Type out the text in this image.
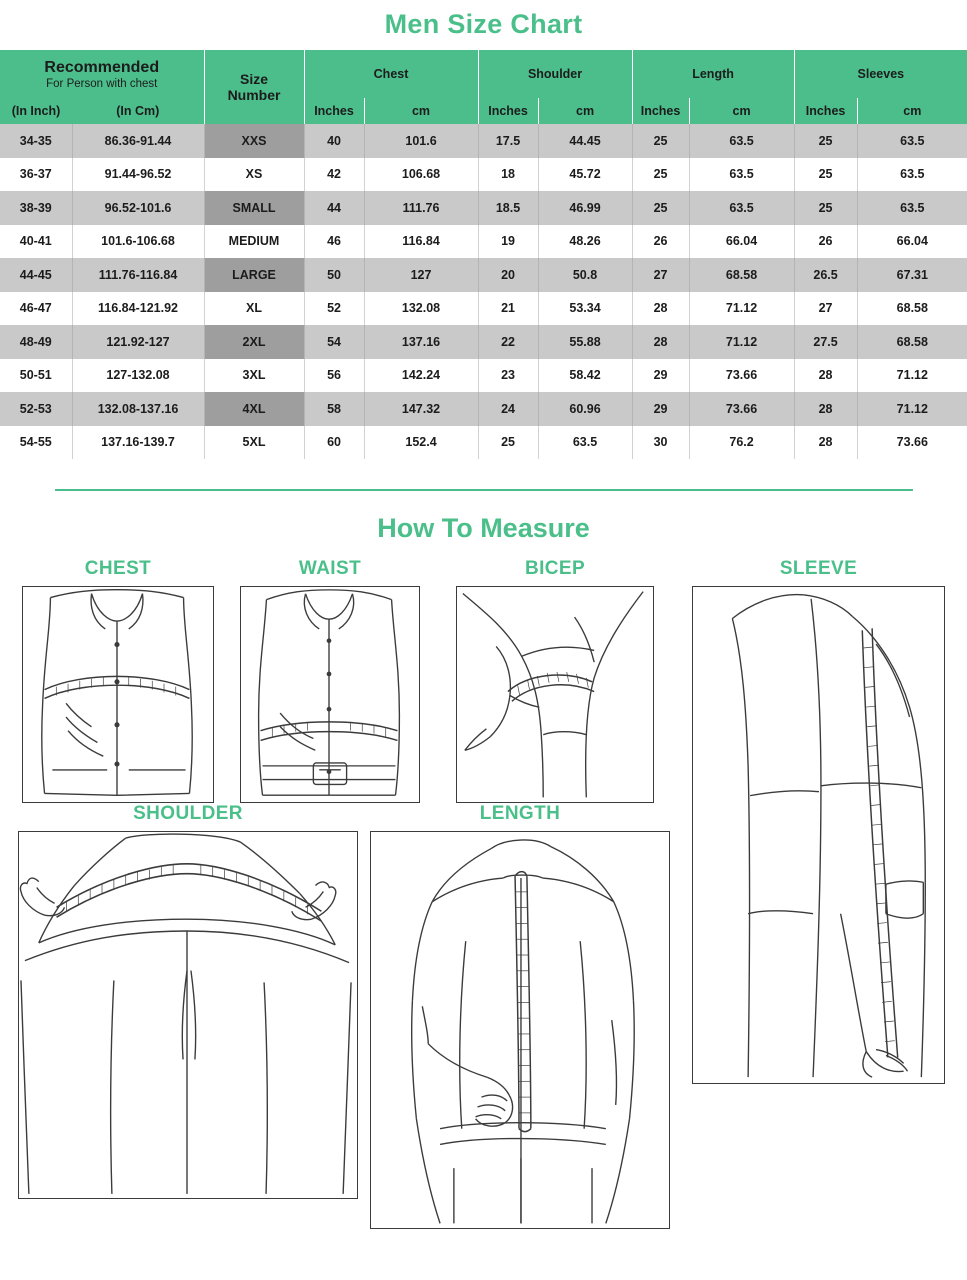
Men Size Chart
Recommended
For Person with chest		Size
Number	Chest		Shoulder		Length		Sleeves	
(In Inch)	(In Cm)		Inches	cm	Inches	cm	Inches	cm	Inches	cm
34-35	86.36-91.44	XXS	40	101.6	17.5	44.45	25	63.5	25	63.5
36-37	91.44-96.52	XS	42	106.68	18	45.72	25	63.5	25	63.5
38-39	96.52-101.6	SMALL	44	111.76	18.5	46.99	25	63.5	25	63.5
40-41	101.6-106.68	MEDIUM	46	116.84	19	48.26	26	66.04	26	66.04
44-45	111.76-116.84	LARGE	50	127	20	50.8	27	68.58	26.5	67.31
46-47	116.84-121.92	XL	52	132.08	21	53.34	28	71.12	27	68.58
48-49	121.92-127	2XL	54	137.16	22	55.88	28	71.12	27.5	68.58
50-51	127-132.08	3XL	56	142.24	23	58.42	29	73.66	28	71.12
52-53	132.08-137.16	4XL	58	147.32	24	60.96	29	73.66	28	71.12
54-55	137.16-139.7	5XL	60	152.4	25	63.5	30	76.2	28	73.66
How To Measure
CHEST	WAIST	BICEP	SLEEVE
SHOULDER	LENGTH
